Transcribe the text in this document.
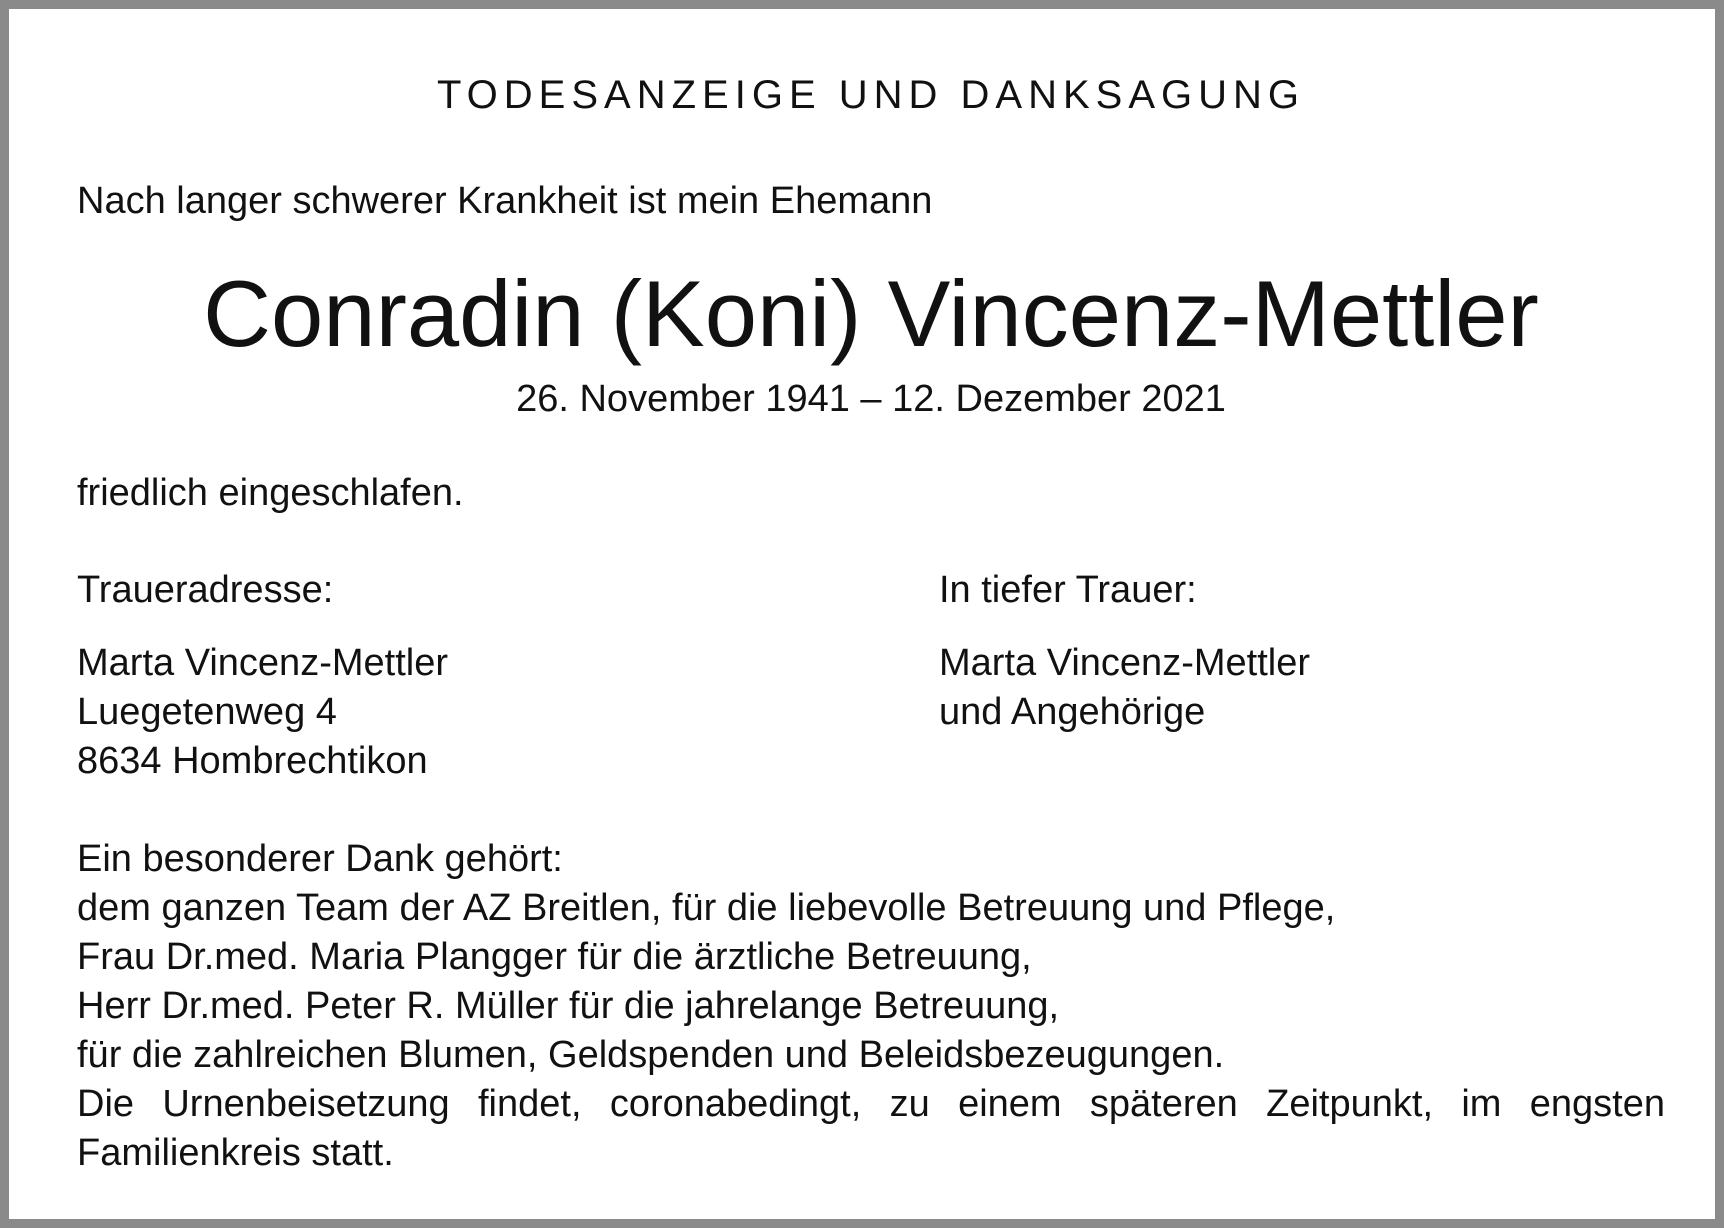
TODESANZEIGE UND DANKSAGUNG
Nach langer schwerer Krankheit ist mein Ehemann
Conradin (Koni) Vincenz-Mettler
26. November 1941 – 12. Dezember 2021
friedlich eingeschlafen.
Traueradresse:	In tiefer Trauer:
Marta Vincenz-Mettler
Luegetenweg 4
8634 Hombrechtikon
Marta Vincenz-Mettler
und Angehörige
Ein besonderer Dank gehört:
dem ganzen Team der AZ Breitlen, für die liebevolle Betreuung und Pflege,
Frau Dr.med. Maria Plangger für die ärztliche Betreuung,
Herr Dr.med. Peter R. Müller für die jahrelange Betreuung,
für die zahlreichen Blumen, Geldspenden und Beleidsbezeugungen.
Die Urnenbeisetzung findet, coronabedingt, zu einem späteren Zeitpunkt, im engsten
Familienkreis statt.
